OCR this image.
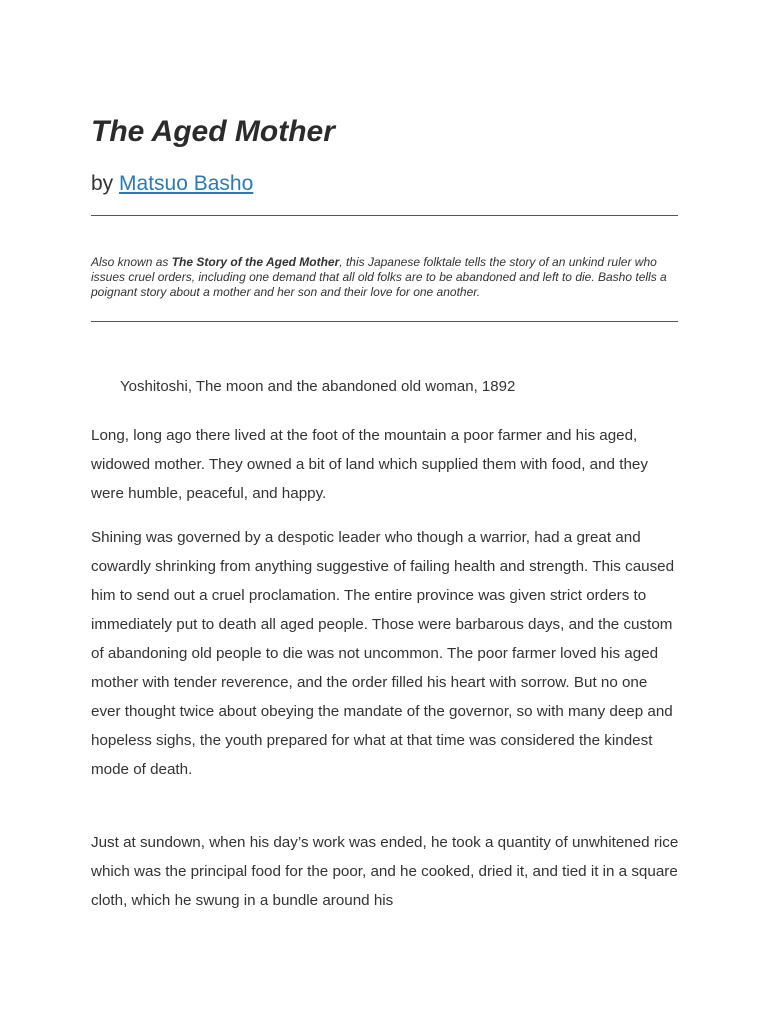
The Aged Mother
by Matsuo Basho

Also known as The Story of the Aged Mother, this Japanese folktale tells the story of an unkind ruler who issues cruel orders, including one demand that all old folks are to be abandoned and left to die. Basho tells a poignant story about a mother and her son and their love for one another.

Yoshitoshi, The moon and the abandoned old woman, 1892

Long, long ago there lived at the foot of the mountain a poor farmer and his aged, widowed mother. They owned a bit of land which supplied them with food, and they were humble, peaceful, and happy.

Shining was governed by a despotic leader who though a warrior, had a great and cowardly shrinking from anything suggestive of failing health and strength. This caused him to send out a cruel proclamation. The entire province was given strict orders to immediately put to death all aged people. Those were barbarous days, and the custom of abandoning old people to die was not uncommon. The poor farmer loved his aged mother with tender reverence, and the order filled his heart with sorrow. But no one ever thought twice about obeying the mandate of the governor, so with many deep and hopeless sighs, the youth prepared for what at that time was considered the kindest mode of death.

Just at sundown, when his day’s work was ended, he took a quantity of unwhitened rice which was the principal food for the poor, and he cooked, dried it, and tied it in a square cloth, which he swung in a bundle around his
